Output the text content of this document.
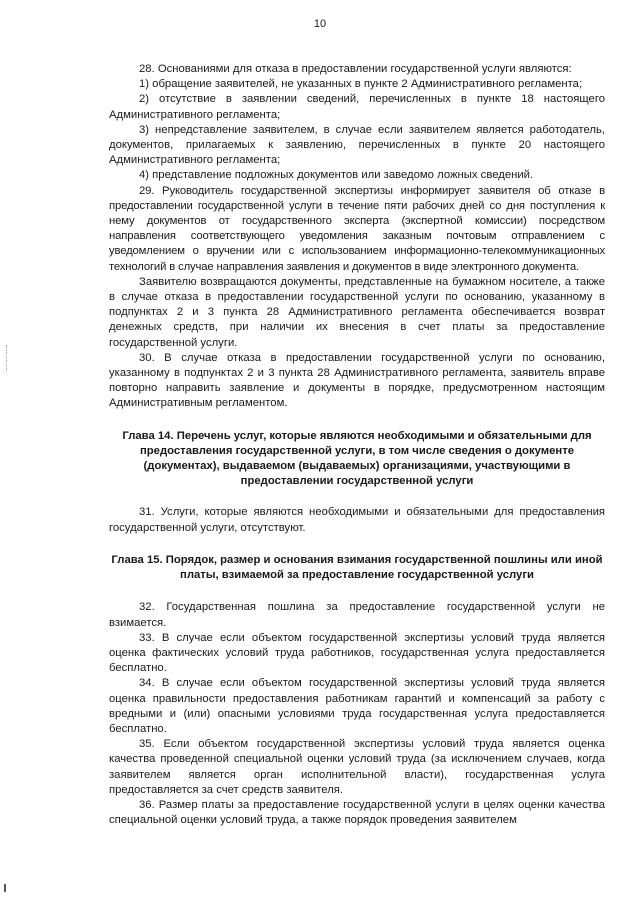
10

28. Основаниями для отказа в предоставлении государственной услуги являются:

1) обращение заявителей, не указанных в пункте 2 Административного регламента;

2) отсутствие в заявлении сведений, перечисленных в пункте 18 настоящего Административного регламента;

3) непредставление заявителем, в случае если заявителем является работодатель, документов, прилагаемых к заявлению, перечисленных в пункте 20 настоящего Административного регламента;

4) представление подложных документов или заведомо ложных сведений.

29. Руководитель государственной экспертизы информирует заявителя об отказе в предоставлении государственной услуги в течение пяти рабочих дней со дня поступления к нему документов от государственного эксперта (экспертной комиссии) посредством направления соответствующего уведомления заказным почтовым отправлением с уведомлением о вручении или с использованием информационно-телекоммуникационных технологий в случае направления заявления и документов в виде электронного документа.

Заявителю возвращаются документы, представленные на бумажном носителе, а также в случае отказа в предоставлении государственной услуги по основанию, указанному в подпунктах 2 и 3 пункта 28 Административного регламента обеспечивается возврат денежных средств, при наличии их внесения в счет платы за предоставление государственной услуги.

30. В случае отказа в предоставлении государственной услуги по основанию, указанному в подпунктах 2 и 3 пункта 28 Административного регламента, заявитель вправе повторно направить заявление и документы в порядке, предусмотренном настоящим Административным регламентом.

Глава 14. Перечень услуг, которые являются необходимыми и обязательными для предоставления государственной услуги, в том числе сведения о документе (документах), выдаваемом (выдаваемых) организациями, участвующими в предоставлении государственной услуги

31. Услуги, которые являются необходимыми и обязательными для предоставления государственной услуги, отсутствуют.

Глава 15. Порядок, размер и основания взимания государственной пошлины или иной платы, взимаемой за предоставление государственной услуги

32. Государственная пошлина за предоставление государственной услуги не взимается.

33. В случае если объектом государственной экспертизы условий труда является оценка фактических условий труда работников, государственная услуга предоставляется бесплатно.

34. В случае если объектом государственной экспертизы условий труда является оценка правильности предоставления работникам гарантий и компенсаций за работу с вредными и (или) опасными условиями труда государственная услуга предоставляется бесплатно.

35. Если объектом государственной экспертизы условий труда является оценка качества проведенной специальной оценки условий труда (за исключением случаев, когда заявителем является орган исполнительной власти), государственная услуга предоставляется за счет средств заявителя.

36. Размер платы за предоставление государственной услуги в целях оценки качества специальной оценки условий труда, а также порядок проведения заявителем
